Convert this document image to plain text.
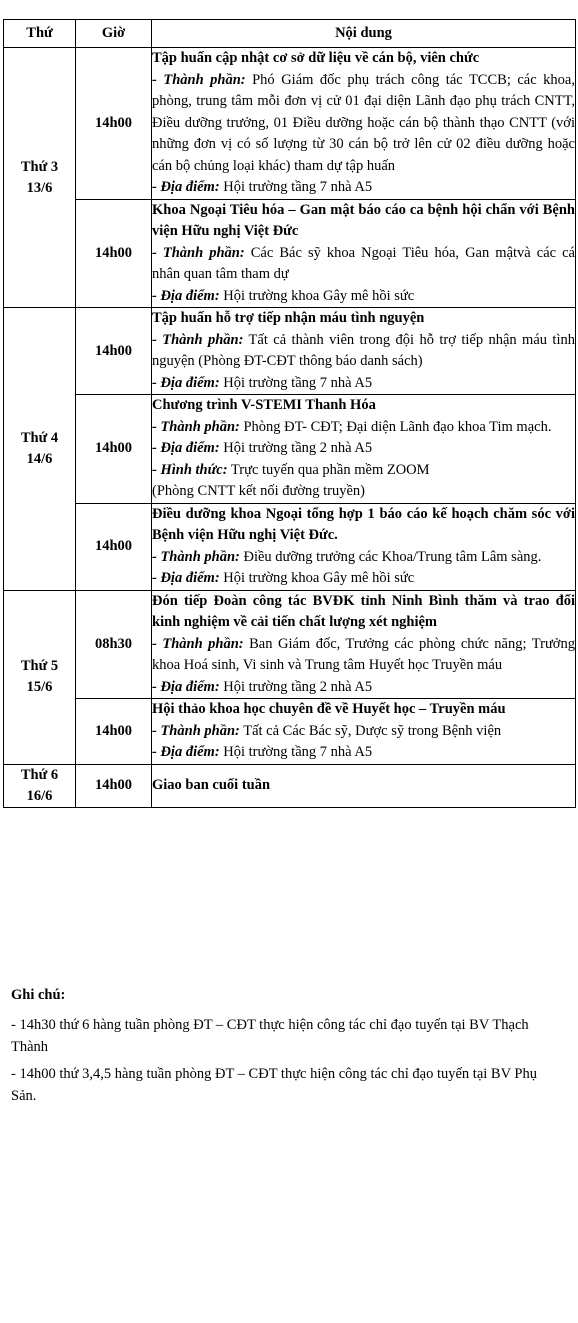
Thứ	Giờ	Nội dung

Thứ 3
13/6	14h00	Tập huấn cập nhật cơ sở dữ liệu về cán bộ, viên chức
- Thành phần: Phó Giám đốc phụ trách công tác TCCB; các khoa, phòng, trung tâm mỗi đơn vị cử 01 đại diện Lãnh đạo phụ trách CNTT, Điều dưỡng trưởng, 01 Điều dưỡng hoặc cán bộ thành thạo CNTT (với những đơn vị có số lượng từ 30 cán bộ trở lên cử 02 điều dưỡng hoặc cán bộ chủng loại khác) tham dự tập huấn
- Địa điểm: Hội trường tầng 7 nhà A5

	14h00	Khoa Ngoại Tiêu hóa – Gan mật báo cáo ca bệnh hội chẩn với Bệnh viện Hữu nghị Việt Đức
- Thành phần: Các Bác sỹ khoa Ngoại Tiêu hóa, Gan mậtvà các cá nhân quan tâm tham dự
- Địa điểm: Hội trường khoa Gây mê hồi sức

Thứ 4
14/6	14h00	Tập huấn hỗ trợ tiếp nhận máu tình nguyện
- Thành phần: Tất cả thành viên trong đội hỗ trợ tiếp nhận máu tình nguyện (Phòng ĐT-CĐT thông báo danh sách)
- Địa điểm: Hội trường tầng 7 nhà A5

	14h00	Chương trình V-STEMI Thanh Hóa
- Thành phần: Phòng ĐT- CĐT; Đại diện Lãnh đạo khoa Tim mạch.
- Địa điểm: Hội trường tầng 2 nhà A5
- Hình thức: Trực tuyến qua phần mềm ZOOM
(Phòng CNTT kết nối đường truyền)

	14h00	Điều dưỡng khoa Ngoại tổng hợp 1 báo cáo kế hoạch chăm sóc với Bệnh viện Hữu nghị Việt Đức.
- Thành phần: Điều dưỡng trưởng các Khoa/Trung tâm Lâm sàng.
- Địa điểm: Hội trường khoa Gây mê hồi sức

Thứ 5
15/6	08h30	Đón tiếp Đoàn công tác BVĐK tỉnh Ninh Bình thăm và trao đổi kinh nghiệm về cải tiến chất lượng xét nghiệm
- Thành phần: Ban Giám đốc, Trưởng các phòng chức năng; Trưởng khoa Hoá sinh, Vi sinh và Trung tâm Huyết học Truyền máu
- Địa điểm: Hội trường tầng 2 nhà A5

	14h00	Hội thảo khoa học chuyên đề về Huyết học – Truyền máu
- Thành phần: Tất cả Các Bác sỹ, Dược sỹ trong Bệnh viện
- Địa điểm: Hội trường tầng 7 nhà A5

Thứ 6
16/6	14h00	Giao ban cuối tuần
Ghi chú:
- 14h30 thứ 6 hàng tuần phòng ĐT – CĐT thực hiện công tác chỉ đạo tuyến tại BV Thạch Thành
- 14h00 thứ 3,4,5 hàng tuần phòng ĐT – CĐT thực hiện công tác chỉ đạo tuyến tại BV Phụ Sản.
